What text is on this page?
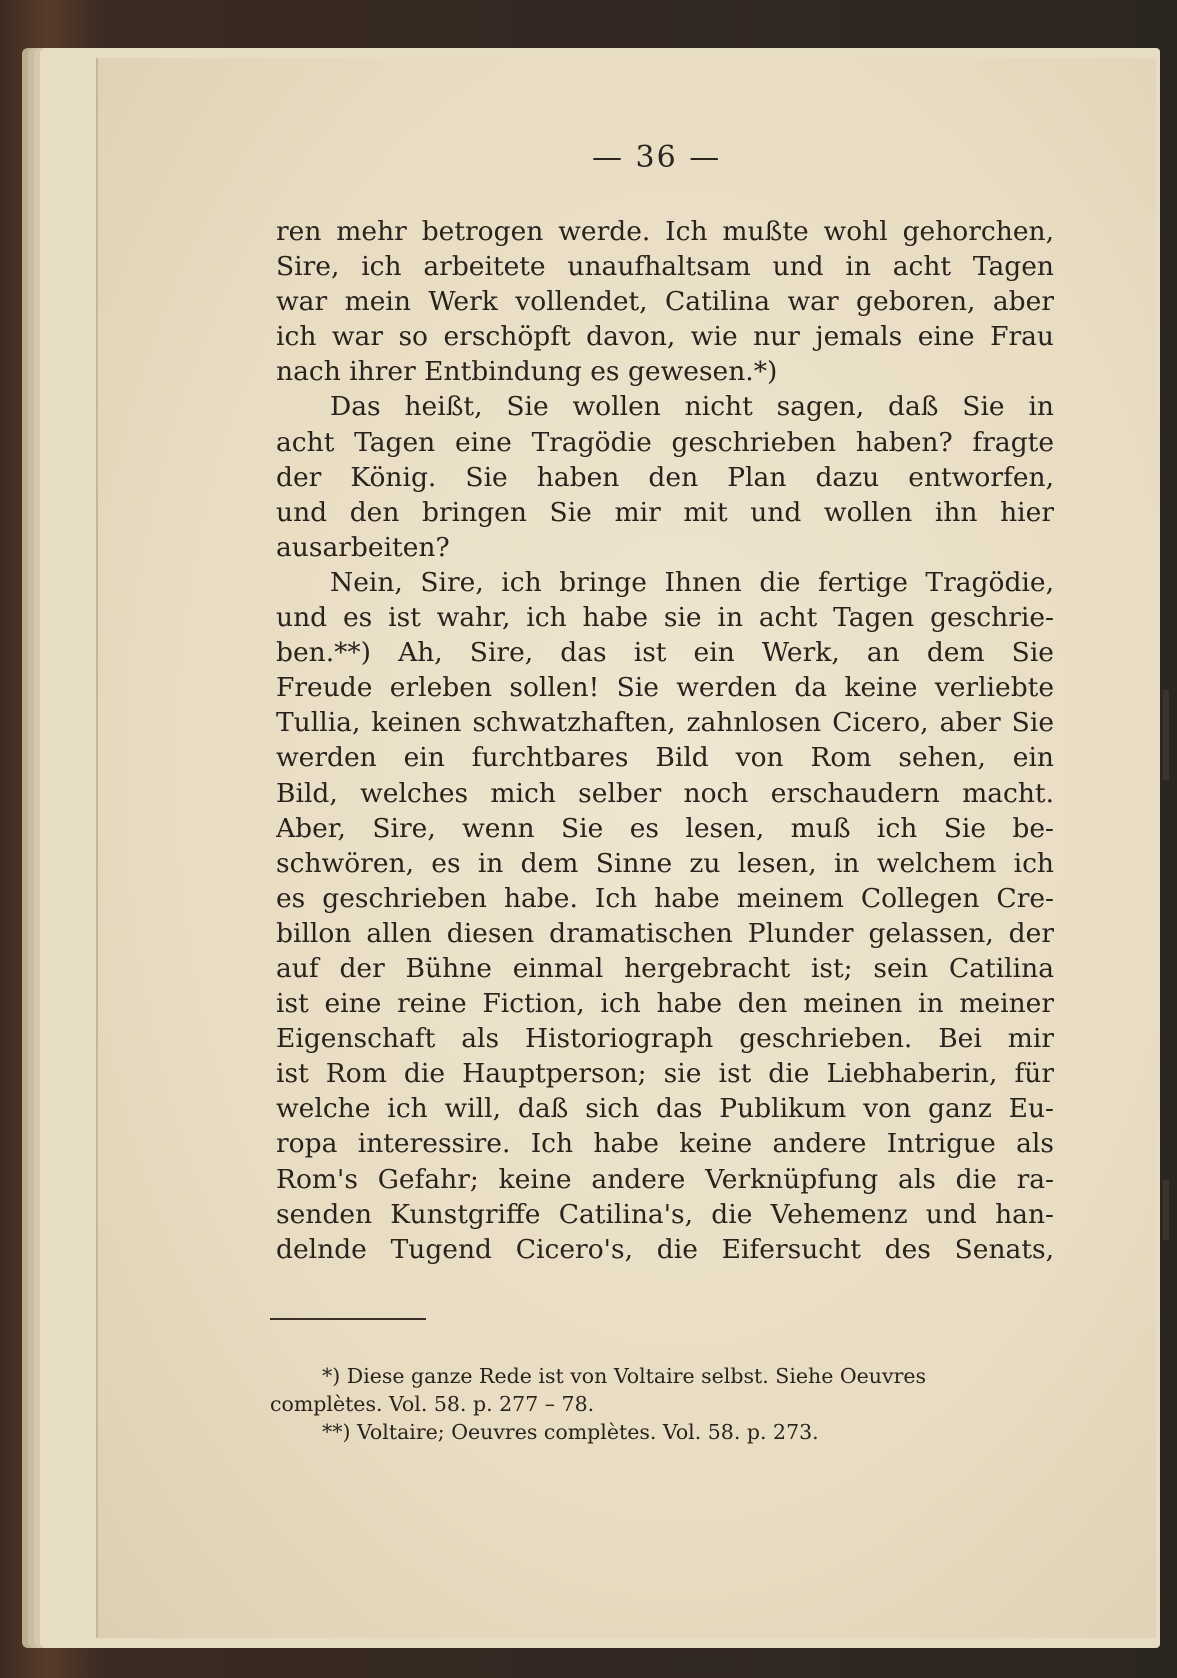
— 36 —
ren mehr betrogen werde. Ich mußte wohl gehorchen,
Sire, ich arbeitete unaufhaltsam und in acht Tagen
war mein Werk vollendet, Catilina war geboren, aber
ich war so erschöpft davon, wie nur jemals eine Frau
nach ihrer Entbindung es gewesen.*)
Das heißt, Sie wollen nicht sagen, daß Sie in
acht Tagen eine Tragödie geschrieben haben? fragte
der König. Sie haben den Plan dazu entworfen,
und den bringen Sie mir mit und wollen ihn hier
ausarbeiten?
Nein, Sire, ich bringe Ihnen die fertige Tragödie,
und es ist wahr, ich habe sie in acht Tagen geschrie-
ben.**) Ah, Sire, das ist ein Werk, an dem Sie
Freude erleben sollen! Sie werden da keine verliebte
Tullia, keinen schwatzhaften, zahnlosen Cicero, aber Sie
werden ein furchtbares Bild von Rom sehen, ein
Bild, welches mich selber noch erschaudern macht.
Aber, Sire, wenn Sie es lesen, muß ich Sie be-
schwören, es in dem Sinne zu lesen, in welchem ich
es geschrieben habe. Ich habe meinem Collegen Cre-
billon allen diesen dramatischen Plunder gelassen, der
auf der Bühne einmal hergebracht ist; sein Catilina
ist eine reine Fiction, ich habe den meinen in meiner
Eigenschaft als Historiograph geschrieben. Bei mir
ist Rom die Hauptperson; sie ist die Liebhaberin, für
welche ich will, daß sich das Publikum von ganz Eu-
ropa interessire. Ich habe keine andere Intrigue als
Rom's Gefahr; keine andere Verknüpfung als die ra-
senden Kunstgriffe Catilina's, die Vehemenz und han-
delnde Tugend Cicero's, die Eifersucht des Senats,
*) Diese ganze Rede ist von Voltaire selbst. Siehe Oeuvres
complètes. Vol. 58. p. 277 – 78.
**) Voltaire; Oeuvres complètes. Vol. 58. p. 273.
